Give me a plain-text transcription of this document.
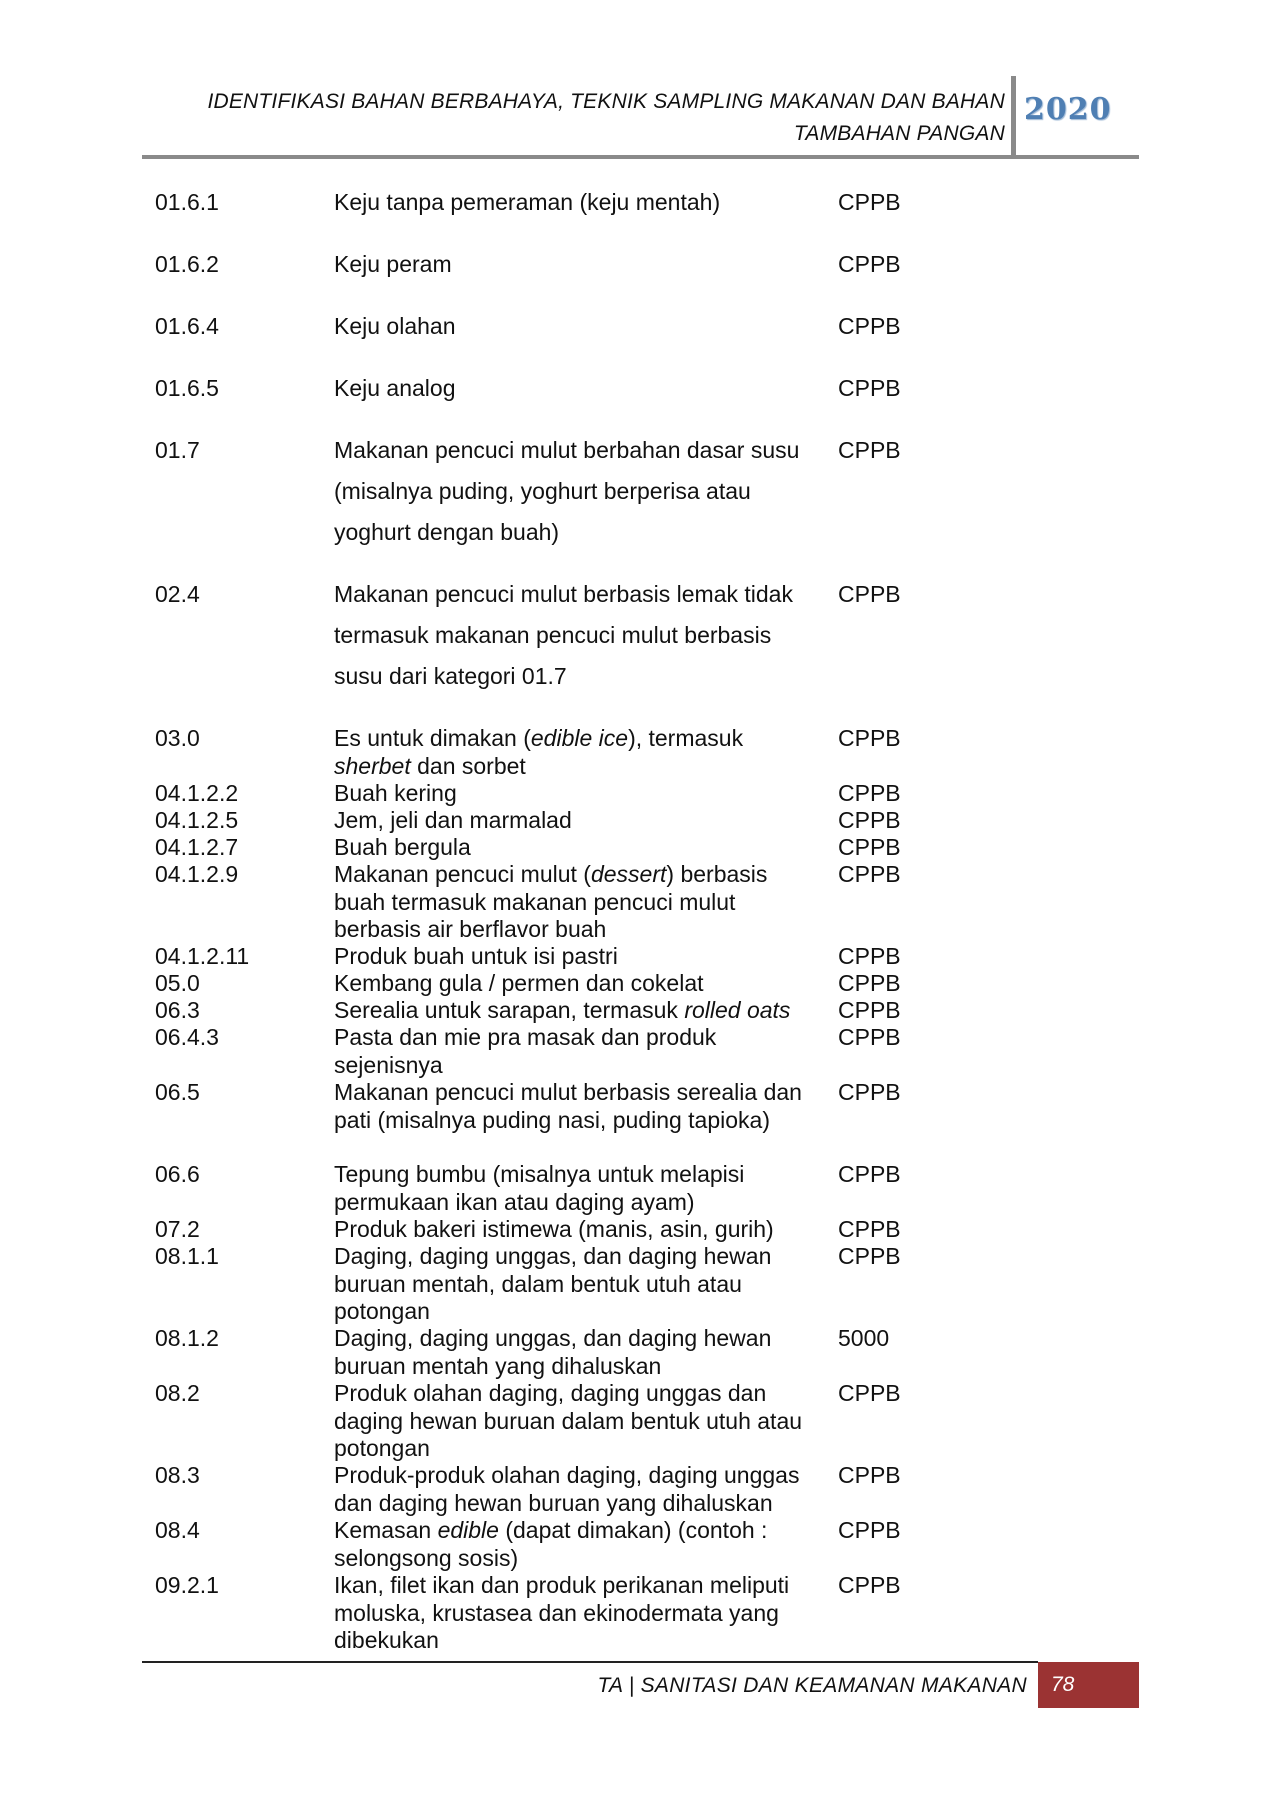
IDENTIFIKASI BAHAN BERBAHAYA, TEKNIK SAMPLING MAKANAN DAN BAHAN
TAMBAHAN PANGAN
2020
01.6.1	Keju tanpa pemeraman (keju mentah)	CPPB
01.6.2	Keju peram	CPPB
01.6.4	Keju olahan	CPPB
01.6.5	Keju analog	CPPB
01.7	Makanan pencuci mulut berbahan dasar susu (misalnya puding, yoghurt berperisa atau yoghurt dengan buah)
CPPB
02.4	Makanan pencuci mulut berbasis lemak tidak termasuk makanan pencuci mulut berbasis susu dari kategori 01.7
CPPB
03.0	Es untuk dimakan (edible ice), termasuk
sherbet dan sorbet
CPPB
04.1.2.2	Buah kering	CPPB
04.1.2.5	Jem, jeli dan marmalad	CPPB
04.1.2.7	Buah bergula	CPPB
04.1.2.9	Makanan pencuci mulut (dessert) berbasis buah termasuk makanan pencuci mulut berbasis air berflavor buah
CPPB
04.1.2.11	Produk buah untuk isi pastri	CPPB
05.0	Kembang gula / permen dan cokelat	CPPB
06.3	Serealia untuk sarapan, termasuk rolled oats	CPPB
06.4.3	Pasta dan mie pra masak dan produk sejenisnya
CPPB
06.5	Makanan pencuci mulut berbasis serealia dan pati (misalnya puding nasi, puding tapioka)
CPPB
06.6	Tepung bumbu (misalnya untuk melapisi permukaan ikan atau daging ayam)
CPPB
07.2	Produk bakeri istimewa (manis, asin, gurih)	CPPB
08.1.1	Daging, daging unggas, dan daging hewan buruan mentah, dalam bentuk utuh atau potongan
CPPB
08.1.2	Daging, daging unggas, dan daging hewan buruan mentah yang dihaluskan
5000
08.2	Produk olahan daging, daging unggas dan daging hewan buruan dalam bentuk utuh atau potongan
CPPB
08.3	Produk-produk olahan daging, daging unggas dan daging hewan buruan yang dihaluskan
CPPB
08.4	Kemasan edible (dapat dimakan) (contoh : selongsong sosis)
CPPB
09.2.1	Ikan, filet ikan dan produk perikanan meliputi moluska, krustasea dan ekinodermata yang dibekukan
CPPB
TA | SANITASI DAN KEAMANAN MAKANAN	78
